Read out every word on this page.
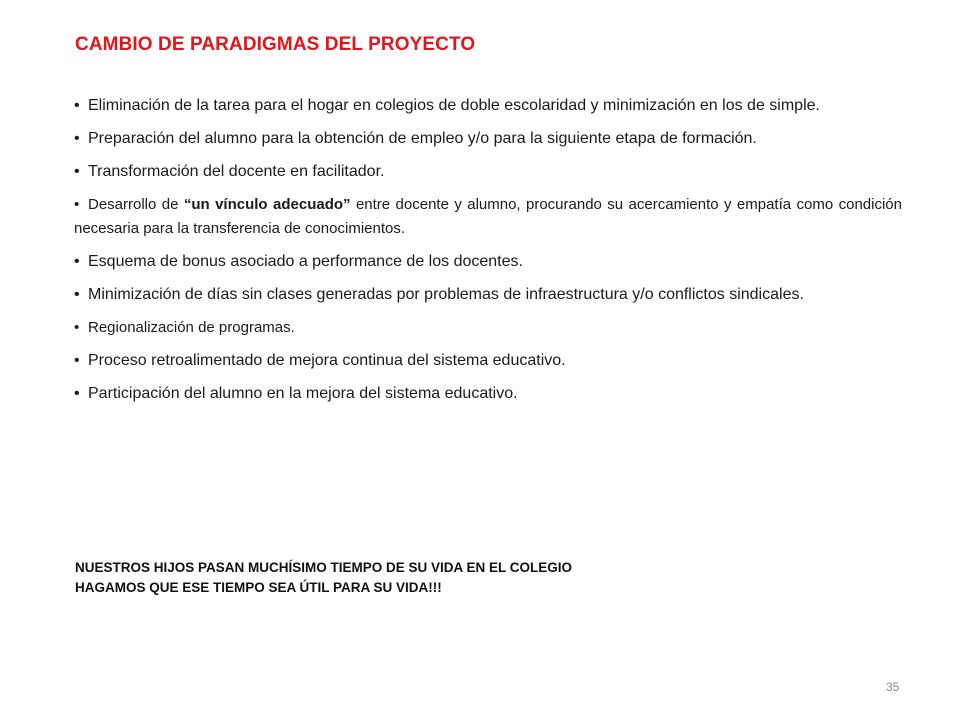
CAMBIO DE PARADIGMAS DEL PROYECTO
• Eliminación de la tarea para el hogar en colegios de doble escolaridad y minimización en los de simple.
• Preparación del alumno para la obtención de empleo y/o para la siguiente etapa de formación.
• Transformación del docente en facilitador.
• Desarrollo de “un vínculo adecuado” entre docente y alumno, procurando su acercamiento y empatía como condición necesaria para la transferencia de conocimientos.
• Esquema de bonus asociado a performance de los docentes.
• Minimización de días sin clases generadas por problemas de infraestructura y/o conflictos sindicales.
• Regionalización de programas.
• Proceso retroalimentado de mejora continua del sistema educativo.
• Participación del alumno en la mejora del sistema educativo.

NUESTROS HIJOS PASAN MUCHÍSIMO TIEMPO DE SU VIDA EN EL COLEGIO
HAGAMOS QUE ESE TIEMPO SEA ÚTIL PARA SU VIDA!!!

35
